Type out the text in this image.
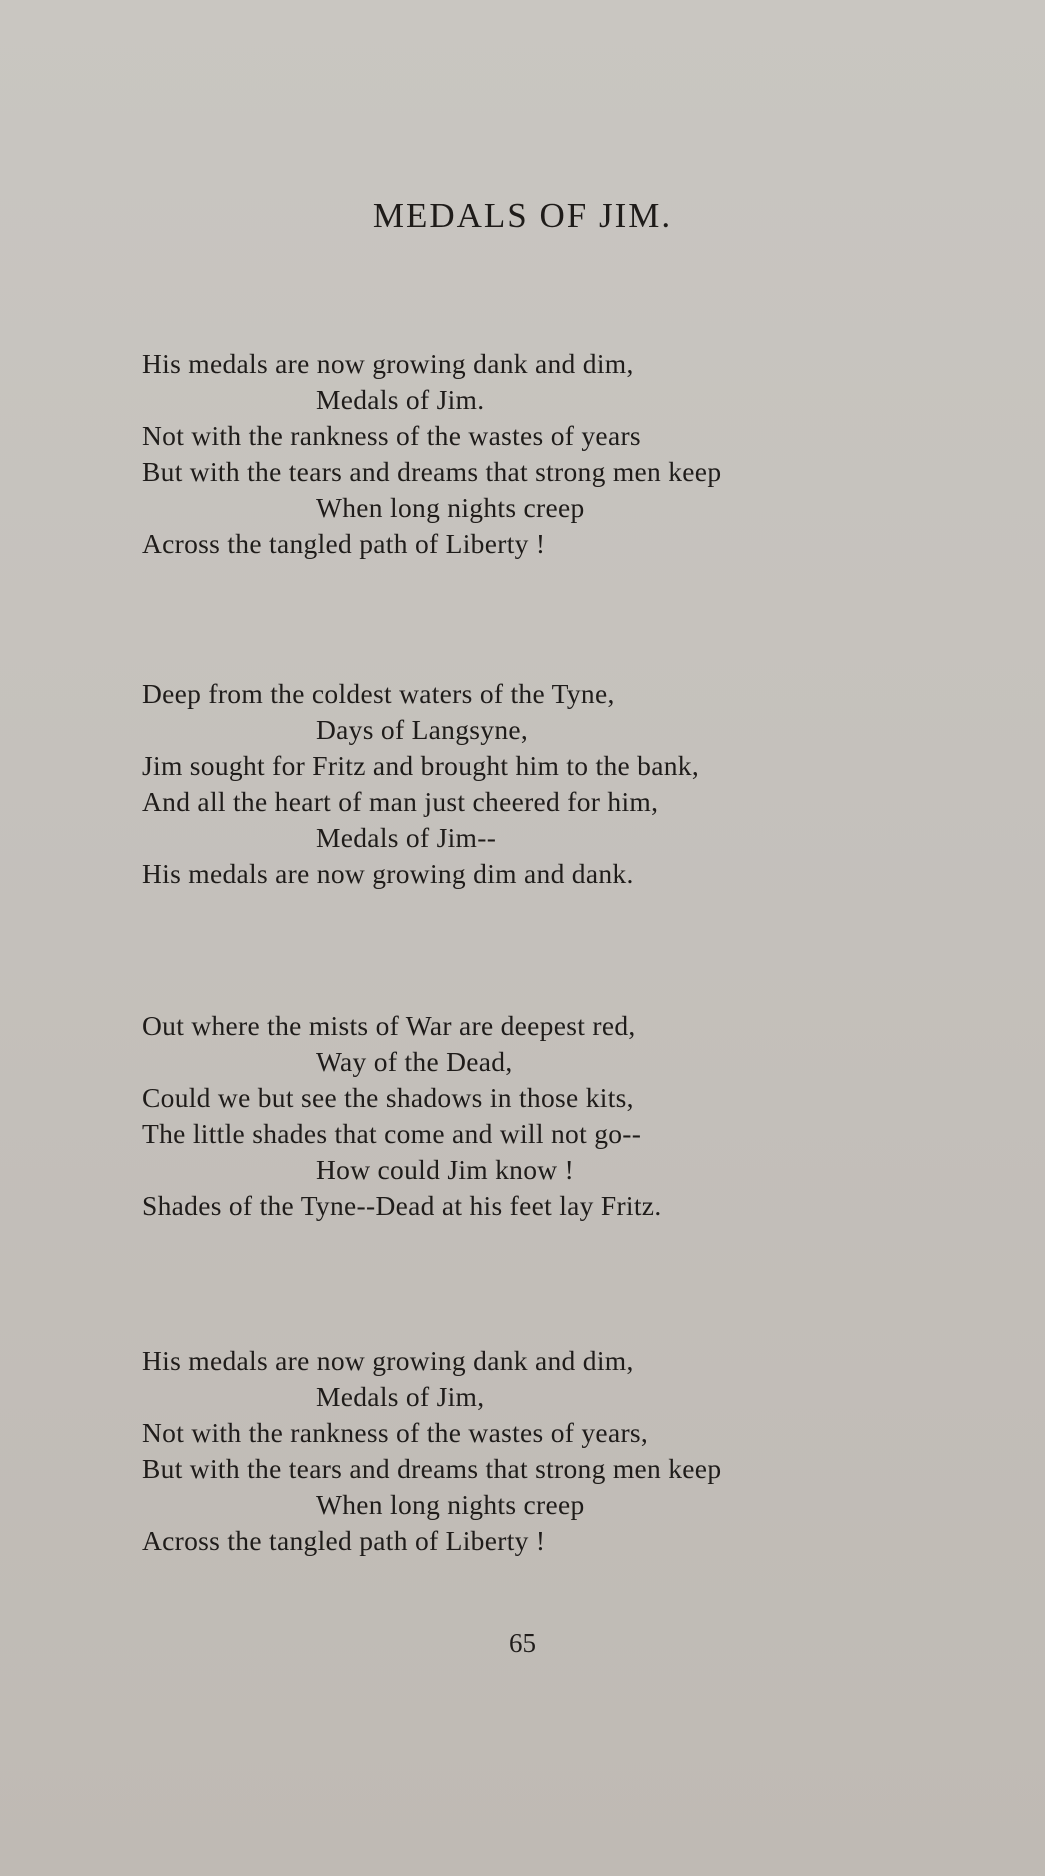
MEDALS OF JIM.
His medals are now growing dank and dim,
Medals of Jim.
Not with the rankness of the wastes of years
But with the tears and dreams that strong men keep
When long nights creep
Across the tangled path of Liberty !
Deep from the coldest waters of the Tyne,
Days of Langsyne,
Jim sought for Fritz and brought him to the bank,
And all the heart of man just cheered for him,
Medals of Jim--
His medals are now growing dim and dank.
Out where the mists of War are deepest red,
Way of the Dead,
Could we but see the shadows in those kits,
The little shades that come and will not go--
How could Jim know !
Shades of the Tyne--Dead at his feet lay Fritz.
His medals are now growing dank and dim,
Medals of Jim,
Not with the rankness of the wastes of years,
But with the tears and dreams that strong men keep
When long nights creep
Across the tangled path of Liberty !
65
